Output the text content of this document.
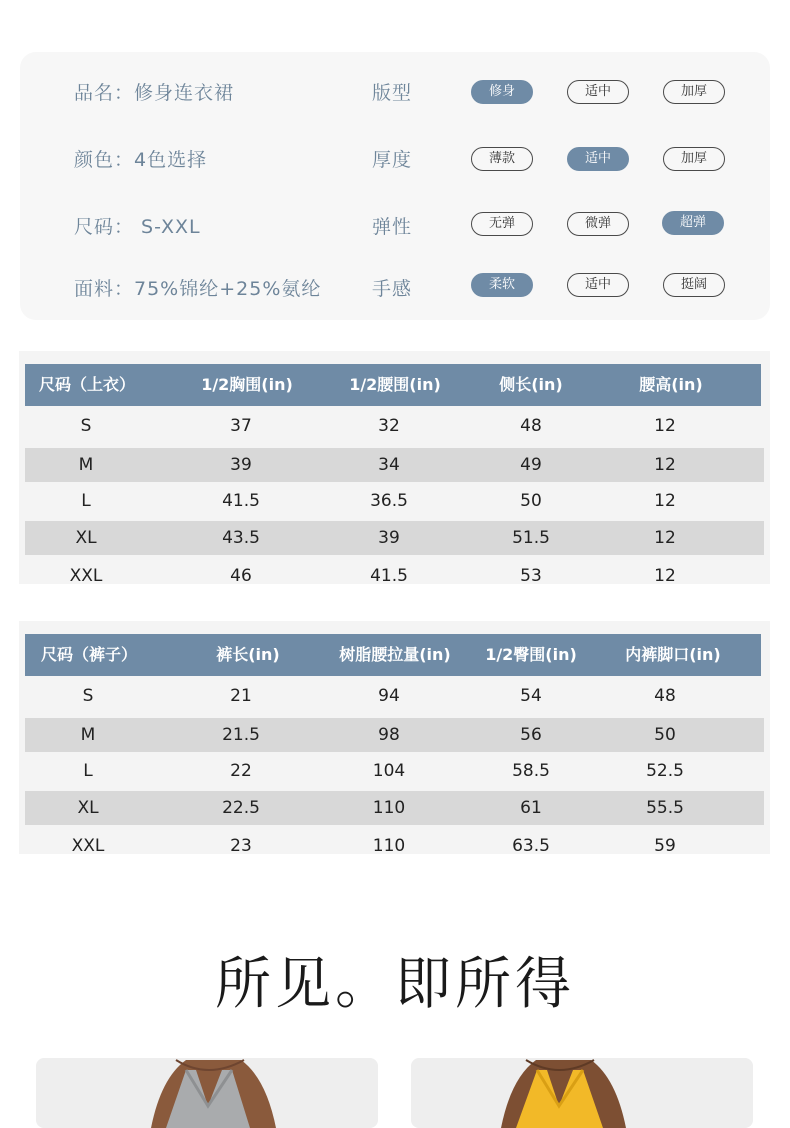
品名：修身连衣裙	版型	修身	适中	加厚
颜色：4色选择	厚度	薄款	适中	加厚
尺码： S-XXL	弹性	无弹	微弹	超弹
面料：75%锦纶+25%氨纶	手感	柔软	适中	挺阔
尺码（上衣）	1/2胸围(in)	1/2腰围(in)	侧长(in)	腰高(in)
S	37	32	48	12
M	39	34	49	12
L	41.5	36.5	50	12
XL	43.5	39	51.5	12
XXL	46	41.5	53	12
尺码（裤子）	裤长(in)	树脂腰拉量(in)	1/2臀围(in)	内裤脚口(in)
S	21	94	54	48
M	21.5	98	56	50
L	22	104	58.5	52.5
XL	22.5	110	61	55.5
XXL	23	110	63.5	59
所见。即所得
